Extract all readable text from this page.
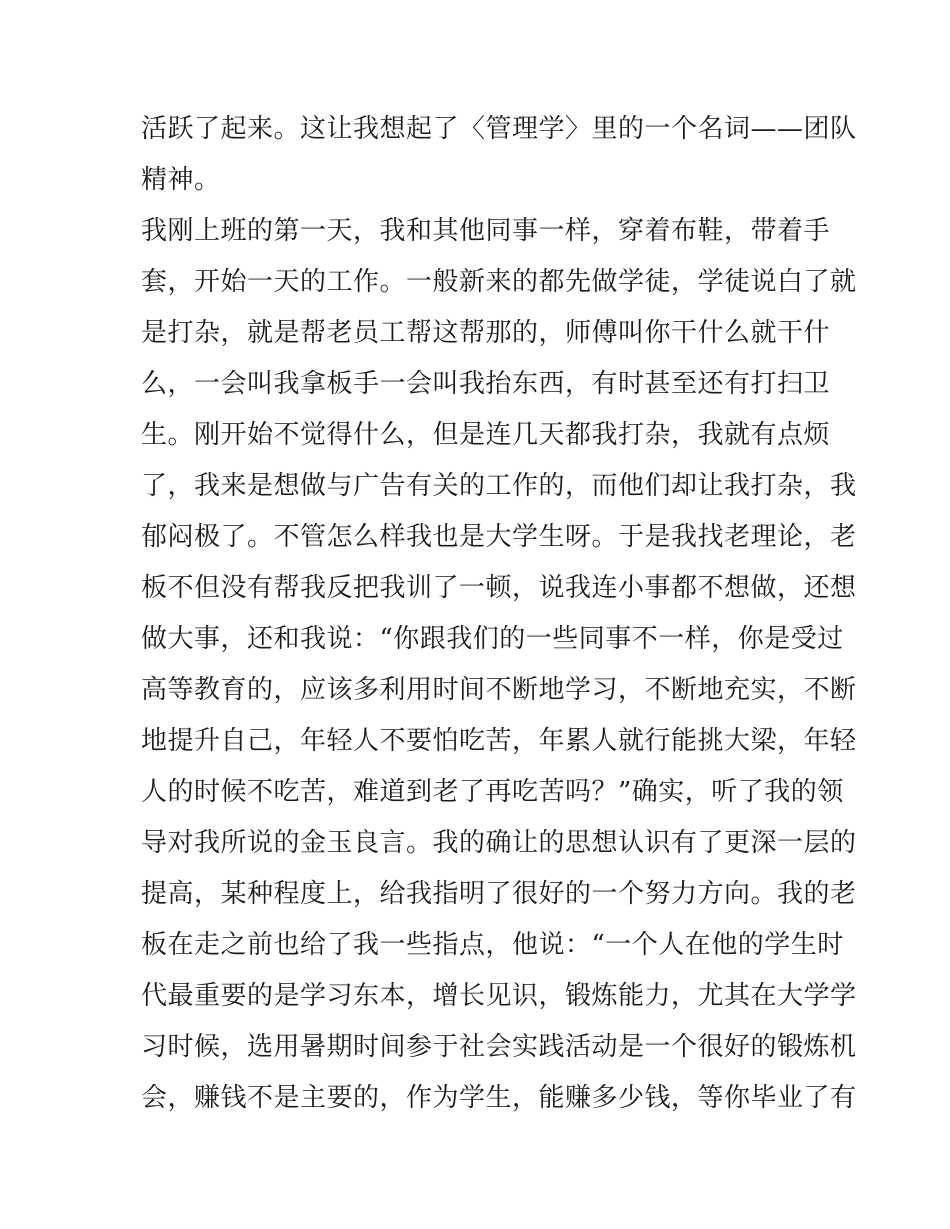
活跃了起来。这让我想起了〈管理学〉里的一个名词——团队
精神。
我刚上班的第一天，我和其他同事一样，穿着布鞋，带着手
套，开始一天的工作。一般新来的都先做学徒，学徒说白了就
是打杂，就是帮老员工帮这帮那的，师傅叫你干什么就干什
么，一会叫我拿板手一会叫我抬东西，有时甚至还有打扫卫
生。刚开始不觉得什么，但是连几天都我打杂，我就有点烦
了，我来是想做与广告有关的工作的，而他们却让我打杂，我
郁闷极了。不管怎么样我也是大学生呀。于是我找老理论，老
板不但没有帮我反把我训了一顿，说我连小事都不想做，还想
做大事，还和我说：“你跟我们的一些同事不一样，你是受过
高等教育的，应该多利用时间不断地学习，不断地充实，不断
地提升自己，年轻人不要怕吃苦，年累人就行能挑大梁，年轻
人的时候不吃苦，难道到老了再吃苦吗？”确实，听了我的领
导对我所说的金玉良言。我的确让的思想认识有了更深一层的
提高，某种程度上，给我指明了很好的一个努力方向。我的老
板在走之前也给了我一些指点，他说：“一个人在他的学生时
代最重要的是学习东本，增长见识，锻炼能力，尤其在大学学
习时候，选用暑期时间参于社会实践活动是一个很好的锻炼机
会，赚钱不是主要的，作为学生，能赚多少钱，等你毕业了有
